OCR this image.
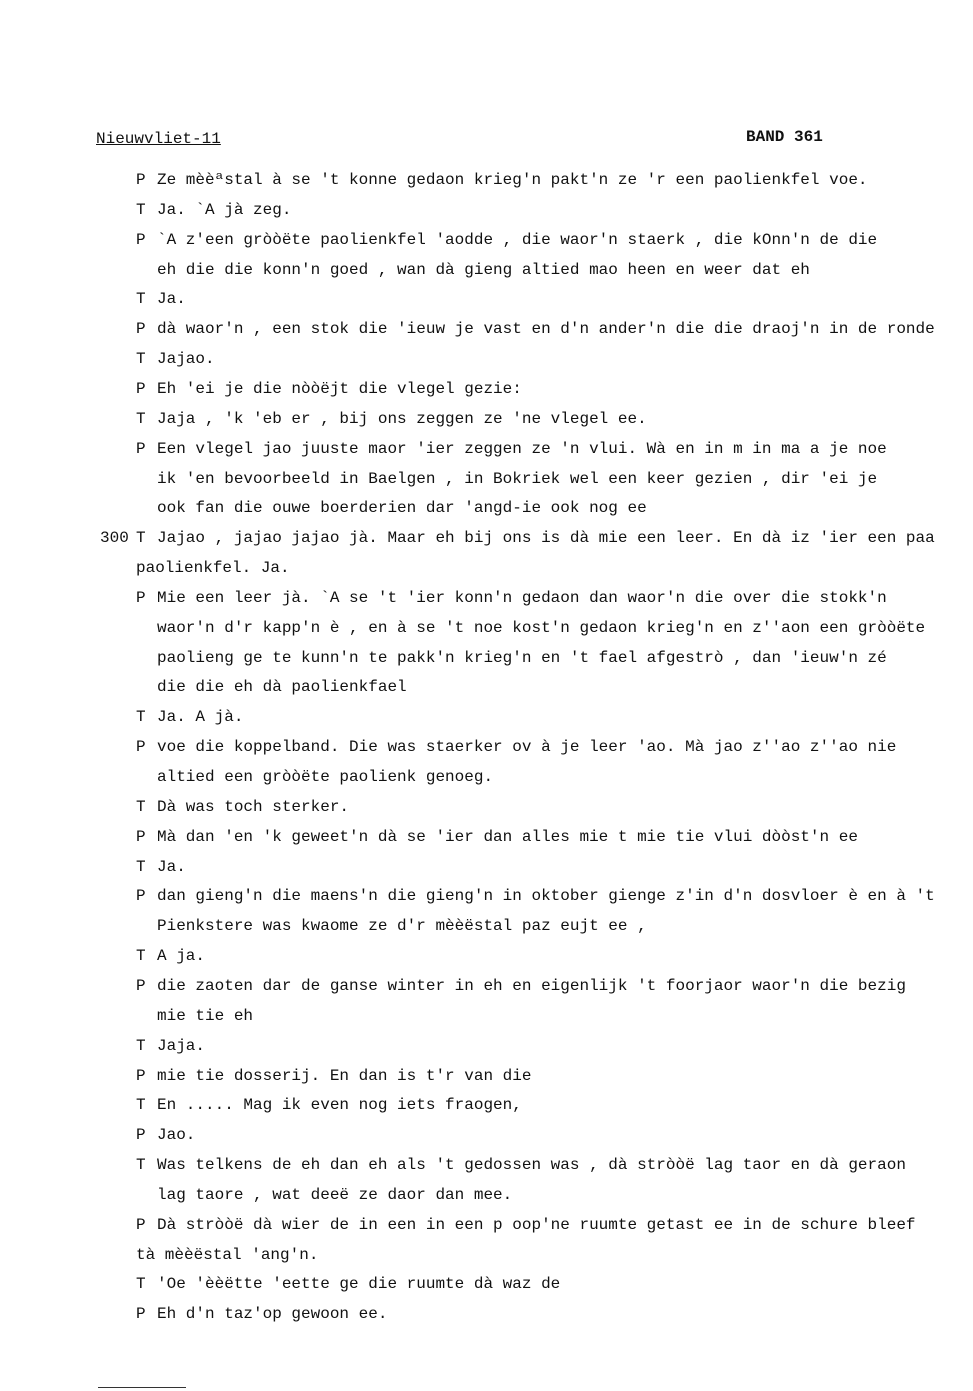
Nieuwvliet-11	BAND 361
P Ze mèèªstal à se 't konne gedaon krieg'n pakt'n ze 'r een paolienkfel voe.
T Ja. `A jà zeg.
P `A z'een gròòëte paolienkfel 'aodde , die waor'n staerk , die kOnn'n de die
eh die die konn'n goed , wan dà gieng altied mao heen en weer dat eh
T Ja.
P dà waor'n , een stok die 'ieuw je vast en d'n ander'n die die draoj'n in de ronde
T Jajao.
P Eh 'ei je die nòòëjt die vlegel gezie:
T Jaja , 'k 'eb er , bij ons zeggen ze 'ne vlegel ee.
P Een vlegel jao juuste maor 'ier zeggen ze 'n vlui. Wà en in m in ma a je noe
ik 'en bevoorbeeld in Baelgen , in Bokriek wel een keer gezien , dir 'ei je
ook fan die ouwe boerderien dar 'angd-ie ook nog ee
300 T Jajao , jajao jajao jà. Maar eh bij ons is dà mie een leer. En dà iz 'ier een paa
paolienkfel. Ja.
P Mie een leer jà. `A se 't 'ier konn'n gedaon dan waor'n die over die stokk'n
waor'n d'r kapp'n è , en à se 't noe kost'n gedaon krieg'n en z''aon een gròòëte
paolieng ge te kunn'n te pakk'n krieg'n en 't fael afgestrò , dan 'ieuw'n zé
die die eh dà paolienkfael
T Ja. A jà.
P voe die koppelband. Die was staerker ov à je leer 'ao. Mà jao z''ao z''ao nie
altied een gròòëte paolienk genoeg.
T Dà was toch sterker.
P Mà dan 'en 'k geweet'n dà se 'ier dan alles mie t mie tie vlui dòòst'n ee
T Ja.
P dan gieng'n die maens'n die gieng'n in oktober gienge z'in d'n dosvloer è en à 't
Pienkstere was kwaome ze d'r mèèëstal paz eujt ee ,
T A ja.
P die zaoten dar de ganse winter in eh en eigenlijk 't foorjaor waor'n die bezig
mie tie eh
T Jaja.
P mie tie dosserij. En dan is t'r van die
T En ..... Mag ik even nog iets fraogen,
P Jao.
T Was telkens de eh dan eh als 't gedossen was , dà stròòë lag taor en dà geraon
lag taore , wat deeë ze daor dan mee.
P Dà stròòë dà wier de in een in een p oop'ne ruumte getast ee in de schure bleef
tà mèèëstal 'ang'n.
T 'Oe 'èèëtte 'eette ge die ruumte dà waz de
P Eh d'n taz'op gewoon ee.
